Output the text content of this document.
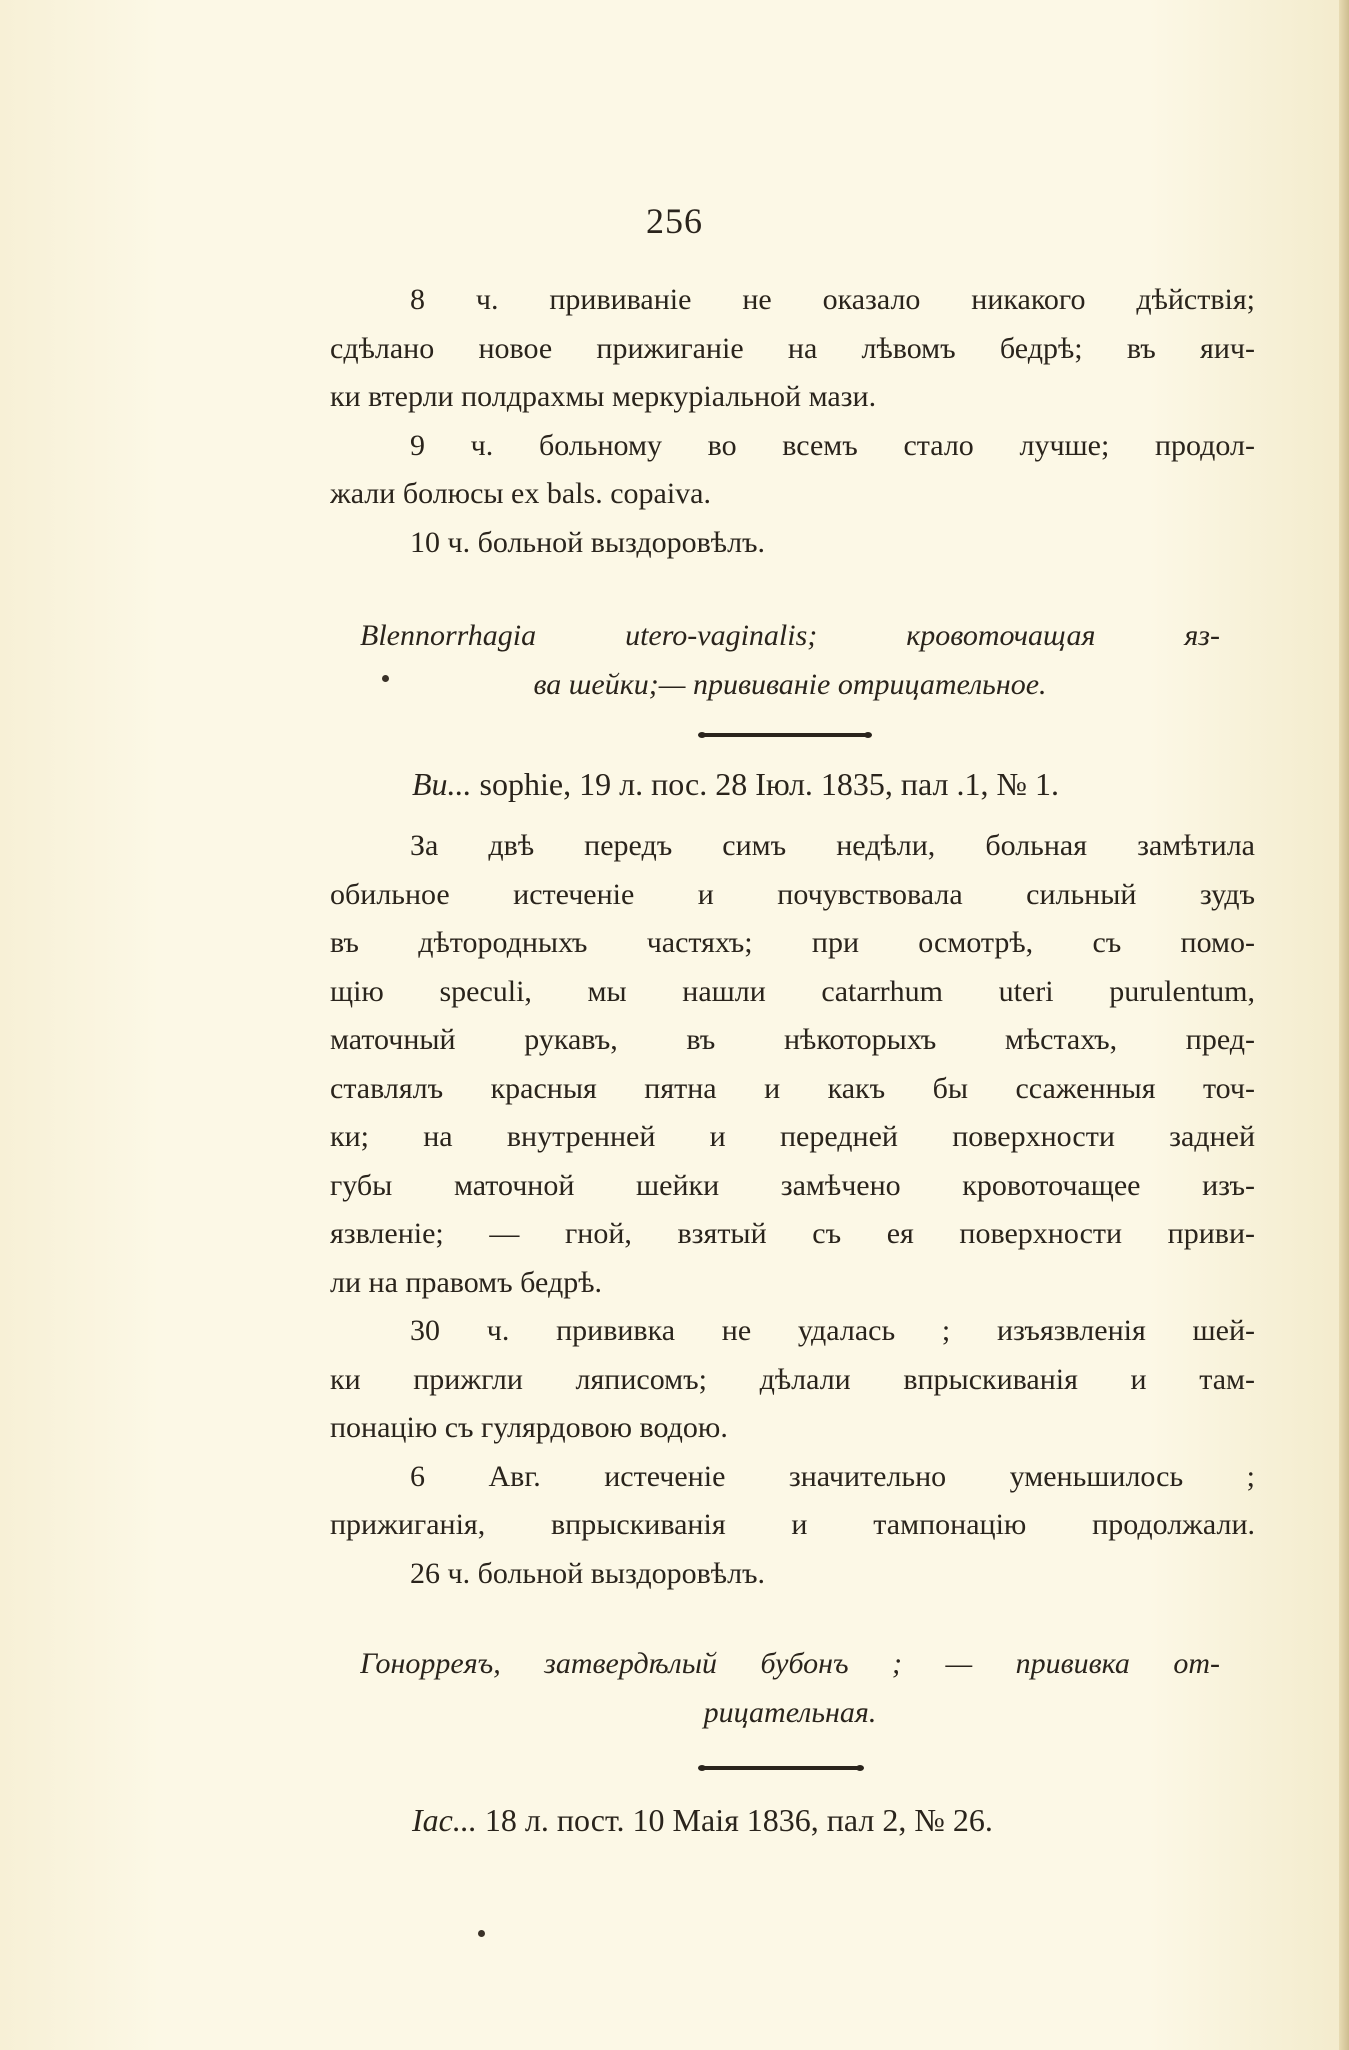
256
8 ч. прививаніе не оказало никакого дѣйствія;
сдѣлано новое прижиганіе на лѣвомъ бедрѣ; въ яич-
ки втерли полдрахмы меркуріальной мази.
9 ч. больному во всемъ стало лучше; продол-
жали болюсы ex bals. copaiva.
10 ч. больной выздоровѣлъ.
Blennorrhagia utero-vaginalis; кровоточащая яз-
ва шейки;— прививаніе отрицательное.
Bu... sophie, 19 л. пос. 28 Іюл. 1835, пал .1, № 1.
За двѣ передъ симъ недѣли, больная замѣтила
обильное истеченіе и почувствовала сильный зудъ
въ дѣтородныхъ частяхъ; при осмотрѣ, съ помо-
щію speculi, мы нашли catarrhum uteri purulentum,
маточный рукавъ, въ нѣкоторыхъ мѣстахъ, пред-
ставлялъ красныя пятна и какъ бы ссаженныя точ-
ки; на внутренней и передней поверхности задней
губы маточной шейки замѣчено кровоточащее изъ-
язвленіе; — гной, взятый съ ея поверхности приви-
ли на правомъ бедрѣ.
30 ч. прививка не удалась ; изъязвленія шей-
ки прижгли ляписомъ; дѣлали впрыскиванія и там-
понацію съ гулярдовою водою.
6 Авг. истеченіе значительно уменьшилось ;
прижиганія, впрыскиванія и тампонацію продолжали.
26 ч. больной выздоровѣлъ.
Гонорреяъ, затвердѣлый бубонъ ; — прививка от-
рицательная.
Іас... 18 л. пост. 10 Маія 1836, пал 2, № 26.
